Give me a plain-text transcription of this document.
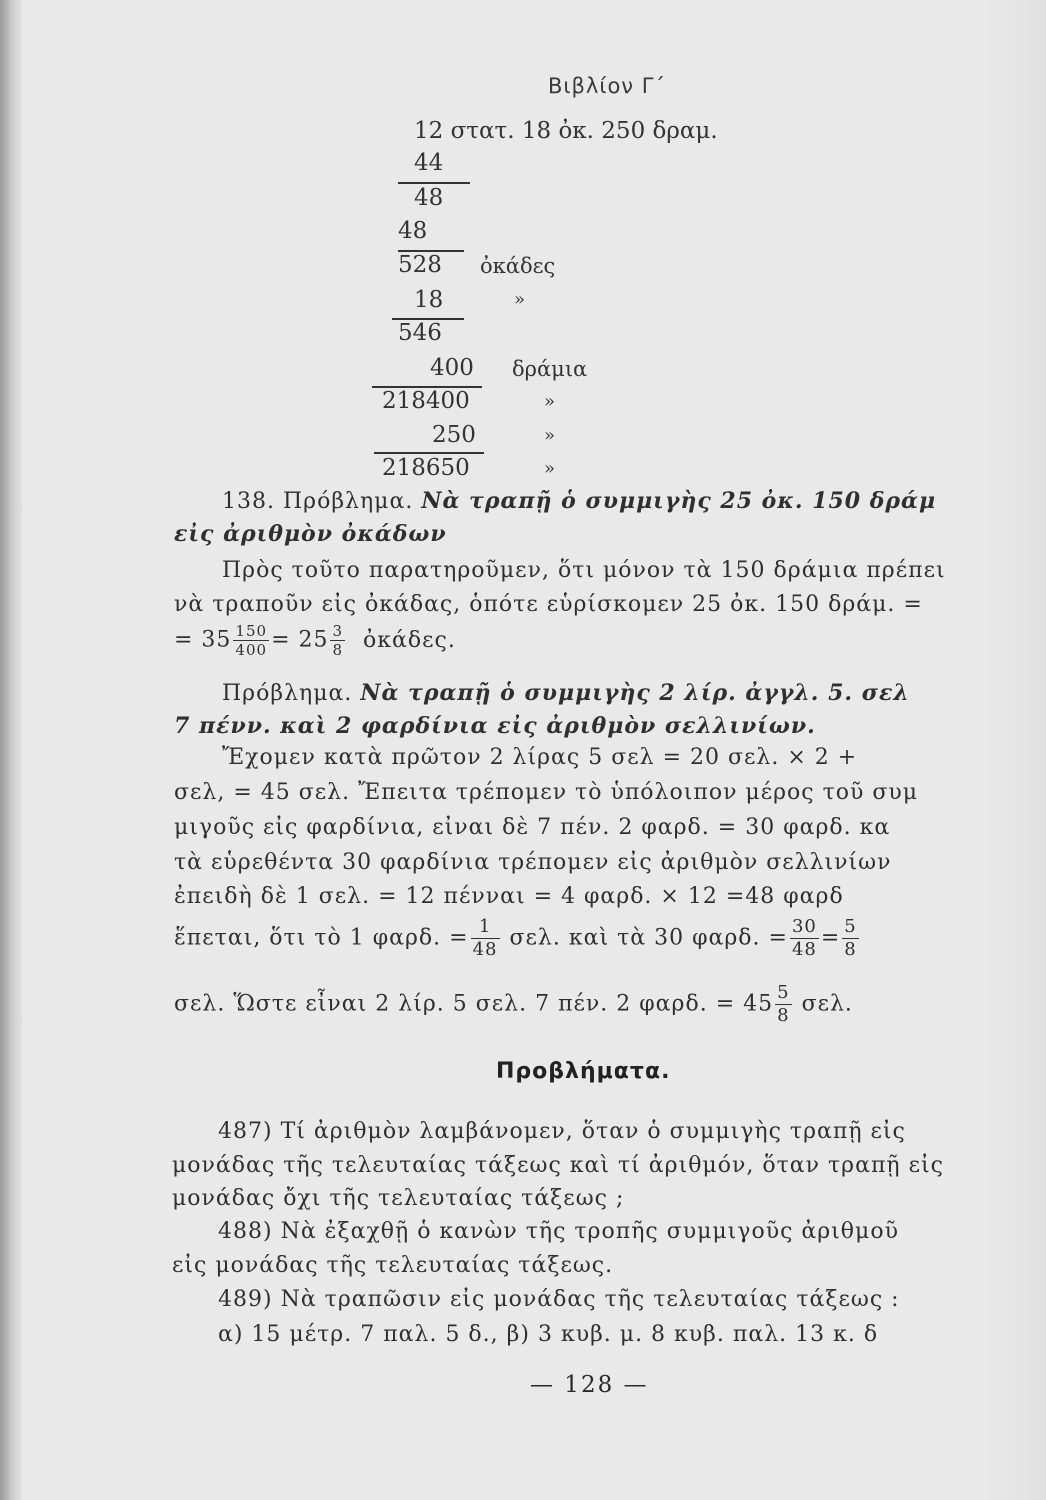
Βιβλίον Γ΄
12 στατ. 18 ὀκ. 250 δραμ.
44
48
48
528 ὀκάδες
18	»
546
400 δράμια
218400	»
250	»
218650	»
138. Πρόβλημα. Νὰ τραπῇ ὁ συμμιγὴς 25 ὀκ. 150 δράμ
εἰς ἀριθμὸν ὀκάδων
Πρὸς τοῦτο παρατηροῦμεν, ὅτι μόνον τὰ 150 δράμια πρέπει
νὰ τραποῦν εἰς ὀκάδας, ὁπότε εὑρίσκομεν 25 ὀκ. 150 δράμ. =
= $35 \frac{150}{400} = 25 \frac{3}{8}$ ὀκάδες.
Πρόβλημα. Νὰ τραπῇ ὁ συμμιγὴς 2 λίρ. ἀγγλ. 5. σελ
7 πένν. καὶ 2 φαρδίνια εἰς ἀριθμὸν σελλινίων.
Ἔχομεν κατὰ πρῶτον 2 λίρας 5 σελ = 20 σελ. × 2 +
σελ, = 45 σελ. Ἔπειτα τρέπομεν τὸ ὑπόλοιπον μέρος τοῦ συμ
μιγοῦς εἰς φαρδίνια, εἶναι δὲ 7 πέν. 2 φαρδ. = 30 φαρδ. κα
τὰ εὑρεθέντα 30 φαρδίνια τρέπομεν εἰς ἀριθμὸν σελλινίων
ἐπειδὴ δὲ 1 σελ. = 12 πένναι = 4 φαρδ. × 12 =48 φαρδ
ἕπεται, ὅτι τὸ 1 φαρδ. = $\frac{1}{48} \sigma\varepsilon\lambda$. καὶ τὰ 30 φαρδ. = $\frac{30}{48} = \frac{5}{8}$
σελ. Ὥστε εἶναι 2 λίρ. 5 σελ. 7 πέν. 2 φαρδ. = $45 \frac{5}{8} \sigma\varepsilon\lambda$.
Προβλήματα.
487) Τί ἀριθμὸν λαμβάνομεν, ὅταν ὁ συμμιγὴς τραπῇ εἰς
μονάδας τῆς τελευταίας τάξεως καὶ τί ἀριθμόν, ὅταν τραπῇ εἰς
μονάδας ὄχι τῆς τελευταίας τάξεως ;
488) Νὰ ἐξαχθῇ ὁ κανὼν τῆς τροπῆς συμμιγοῦς ἀριθμοῦ
εἰς μονάδας τῆς τελευταίας τάξεως.
489) Νὰ τραπῶσιν εἰς μονάδας τῆς τελευταίας τάξεως :
α) 15 μέτρ. 7 παλ. 5 δ., β) 3 κυβ. μ. 8 κυβ. παλ. 13 κ. δ
— 128 —
